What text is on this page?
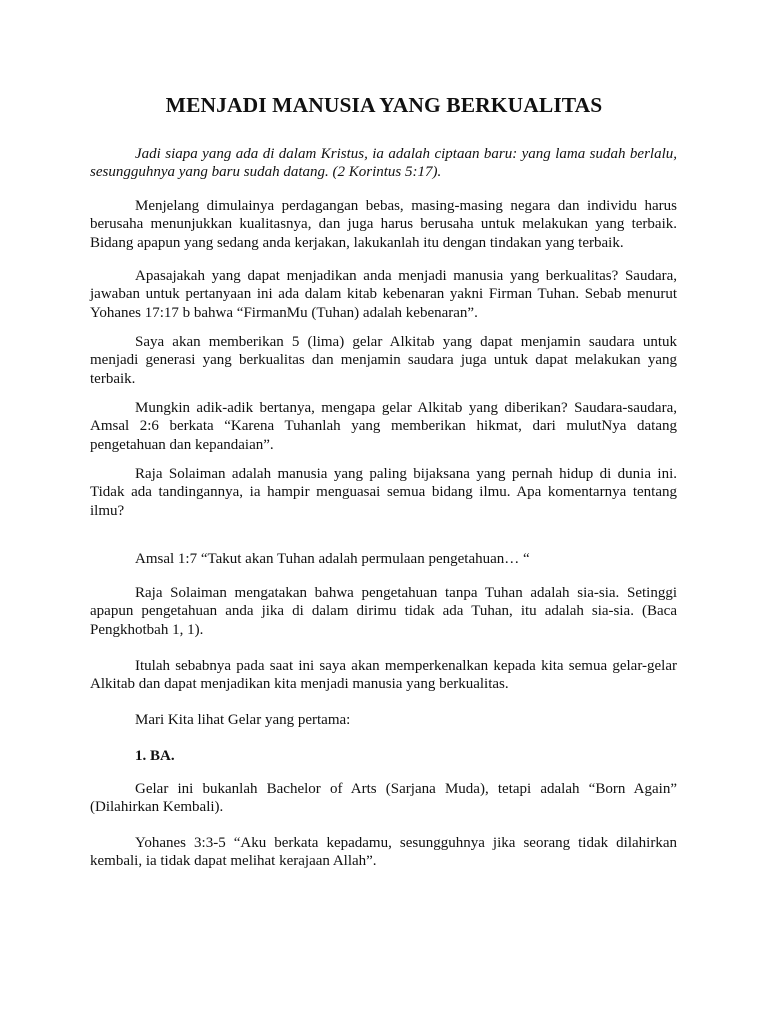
MENJADI MANUSIA YANG BERKUALITAS

Jadi siapa yang ada di dalam Kristus, ia adalah ciptaan baru: yang lama sudah berlalu, sesungguhnya yang baru sudah datang. (2 Korintus 5:17).

Menjelang dimulainya perdagangan bebas, masing-masing negara dan individu harus berusaha menunjukkan kualitasnya, dan juga harus berusaha untuk melakukan yang terbaik. Bidang apapun yang sedang anda kerjakan, lakukanlah itu dengan tindakan yang terbaik.

Apasajakah yang dapat menjadikan anda menjadi manusia yang berkualitas? Saudara, jawaban untuk pertanyaan ini ada dalam kitab kebenaran yakni Firman Tuhan. Sebab menurut Yohanes 17:17 b bahwa “FirmanMu (Tuhan) adalah kebenaran”.

Saya akan memberikan 5 (lima) gelar Alkitab yang dapat menjamin saudara untuk menjadi generasi yang berkualitas dan menjamin saudara juga untuk dapat melakukan yang terbaik.

Mungkin adik-adik bertanya, mengapa gelar Alkitab yang diberikan? Saudara-saudara, Amsal 2:6 berkata “Karena Tuhanlah yang memberikan hikmat, dari mulutNya datang pengetahuan dan kepandaian”.

Raja Solaiman adalah manusia yang paling bijaksana yang pernah hidup di dunia ini. Tidak ada tandingannya, ia hampir menguasai semua bidang ilmu. Apa komentarnya tentang ilmu?

Amsal 1:7 “Takut akan Tuhan adalah permulaan pengetahuan… “

Raja Solaiman mengatakan bahwa pengetahuan tanpa Tuhan adalah sia-sia. Setinggi apapun pengetahuan anda jika di dalam dirimu tidak ada Tuhan, itu adalah sia-sia. (Baca Pengkhotbah 1, 1).

Itulah sebabnya pada saat ini saya akan memperkenalkan kepada kita semua gelar-gelar Alkitab dan dapat menjadikan kita menjadi manusia yang berkualitas.

Mari Kita lihat Gelar yang pertama:

1. BA.

Gelar ini bukanlah Bachelor of Arts (Sarjana Muda), tetapi adalah “Born Again” (Dilahirkan Kembali).

Yohanes 3:3-5 “Aku berkata kepadamu, sesungguhnya jika seorang tidak dilahirkan kembali, ia tidak dapat melihat kerajaan Allah”.
